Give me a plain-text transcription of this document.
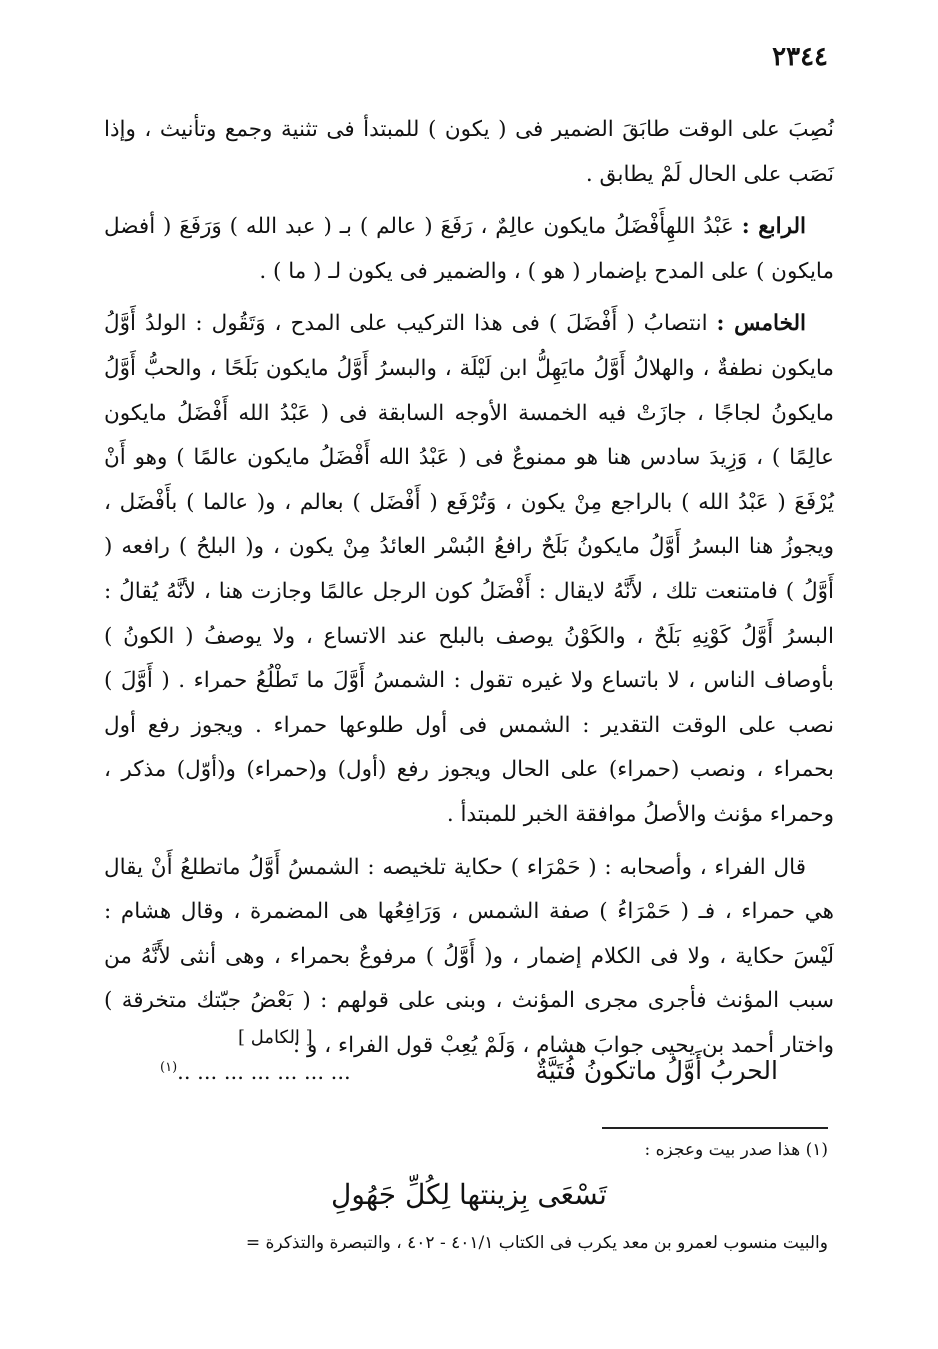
٢٣٤٤

نُصِبَ على الوقت طابَقَ الضمير فى ( يكون ) للمبتدأ فى تثنية وجمع وتأنيث ، وإذا نَصَب على الحال لَمْ يطابق .

الرابع : عَبْدُ اللهِأَفْضَلُ مايكون عالِمٌ ، رَفَعَ ( عالم ) بـ ( عبد الله ) وَرَفَعَ ( أفضل مايكون ) على المدح بإضمار ( هو ) ، والضمير فى يكون لـ ( ما ) .

الخامس : انتصابُ ( أَفْضَلَ ) فى هذا التركيب على المدح ، وَتَقُول : الولدُ أَوَّلُ مايكون نطفةٌ ، والهلالُ أَوَّلُ مايَهِلُّ ابن لَيْلَة ، والبسرُ أَوَّلُ مايكون بَلَحًا ، والحبُّ أَوَّلُ مايكونُ لجاجًا ، جازَتْ فيه الخمسة الأوجه السابقة فى ( عَبْدُ الله أَفْضَلُ مايكون عالِمًا ) ، وَزِيدَ سادس هنا هو ممنوعٌ فى ( عَبْدُ الله أَفْضَلُ مايكون عالمًا ) وهو أَنْ يُرْفَعَ ( عَبْدُ الله ) بالراجع مِنْ يكون ، وَتُرْفَع ( أَفْضَل ) بعالم ، و( عالما ) بأَفْضَل ، ويجوزُ هنا البسرُ أَوَّلُ مايكونُ بَلَحٌ رافعُ البُسْر العائدُ مِنْ يكون ، و( البلحُ ) رافعه ( أَوَّلُ ) فامتنعت تلك ، لأَنَّهُ لايقال : أَفْضَلُ كون الرجل عالمًا وجازت هنا ، لأنَّهُ يُقالُ : البسرُ أَوَّلُ كَوْنِهِ بَلَحٌ ، والكَوْنُ يوصف بالبلح عند الاتساع ، ولا يوصفُ ( الكونُ ) بأوصاف الناس ، لا باتساع ولا غيره تقول : الشمسُ أَوَّلَ ما تَطْلُعُ حمراء . ( أَوَّلَ ) نصب على الوقت التقدير : الشمس فى أول طلوعها حمراء . ويجوز رفع أول بحمراء ، ونصب (حمراء) على الحال ويجوز رفع (أول) و(حمراء) و(أوّل) مذكر ، وحمراء مؤنث والأصلُ موافقة الخبر للمبتدأ .

قال الفراء ، وأصحابه : ( حَمْرَاء ) حكاية تلخيصه : الشمسُ أَوَّلُ ماتطلعُ أَنْ يقال هي حمراء ، فـ ( حَمْرَاءُ ) صفة الشمس ، وَرَافِعُها هى المضمرة ، وقال هشام : لَيْسَ حكاية ، ولا فى الكلام إضمار ، و( أَوَّلُ ) مرفوعٌ بحمراء ، وهى أنثى لأَنَّهُ من سبب المؤنث فأجرى مجرى المؤنث ، وبنى على قولهم : ( بَعْضُ جبّتك متخرقة ) واختار أحمد بن يحيى جوابَ هشام ، وَلَمْ يُعِبْ قول الفراء ، و :

[ الكامل ]
الحربُ أَوَّلُ ماتكونُ فُتَيَّةٌ
... ... ... ... ... ... ..$^{(١)}$
(١) هذا صدر بيت وعجزه :
تَسْعَى بِزينتها لِكُلِّ جَهُولِ
والبيت منسوب لعمرو بن معد يكرب فى الكتاب ٤٠١/١ - ٤٠٢ ، والتبصرة والتذكرة =
